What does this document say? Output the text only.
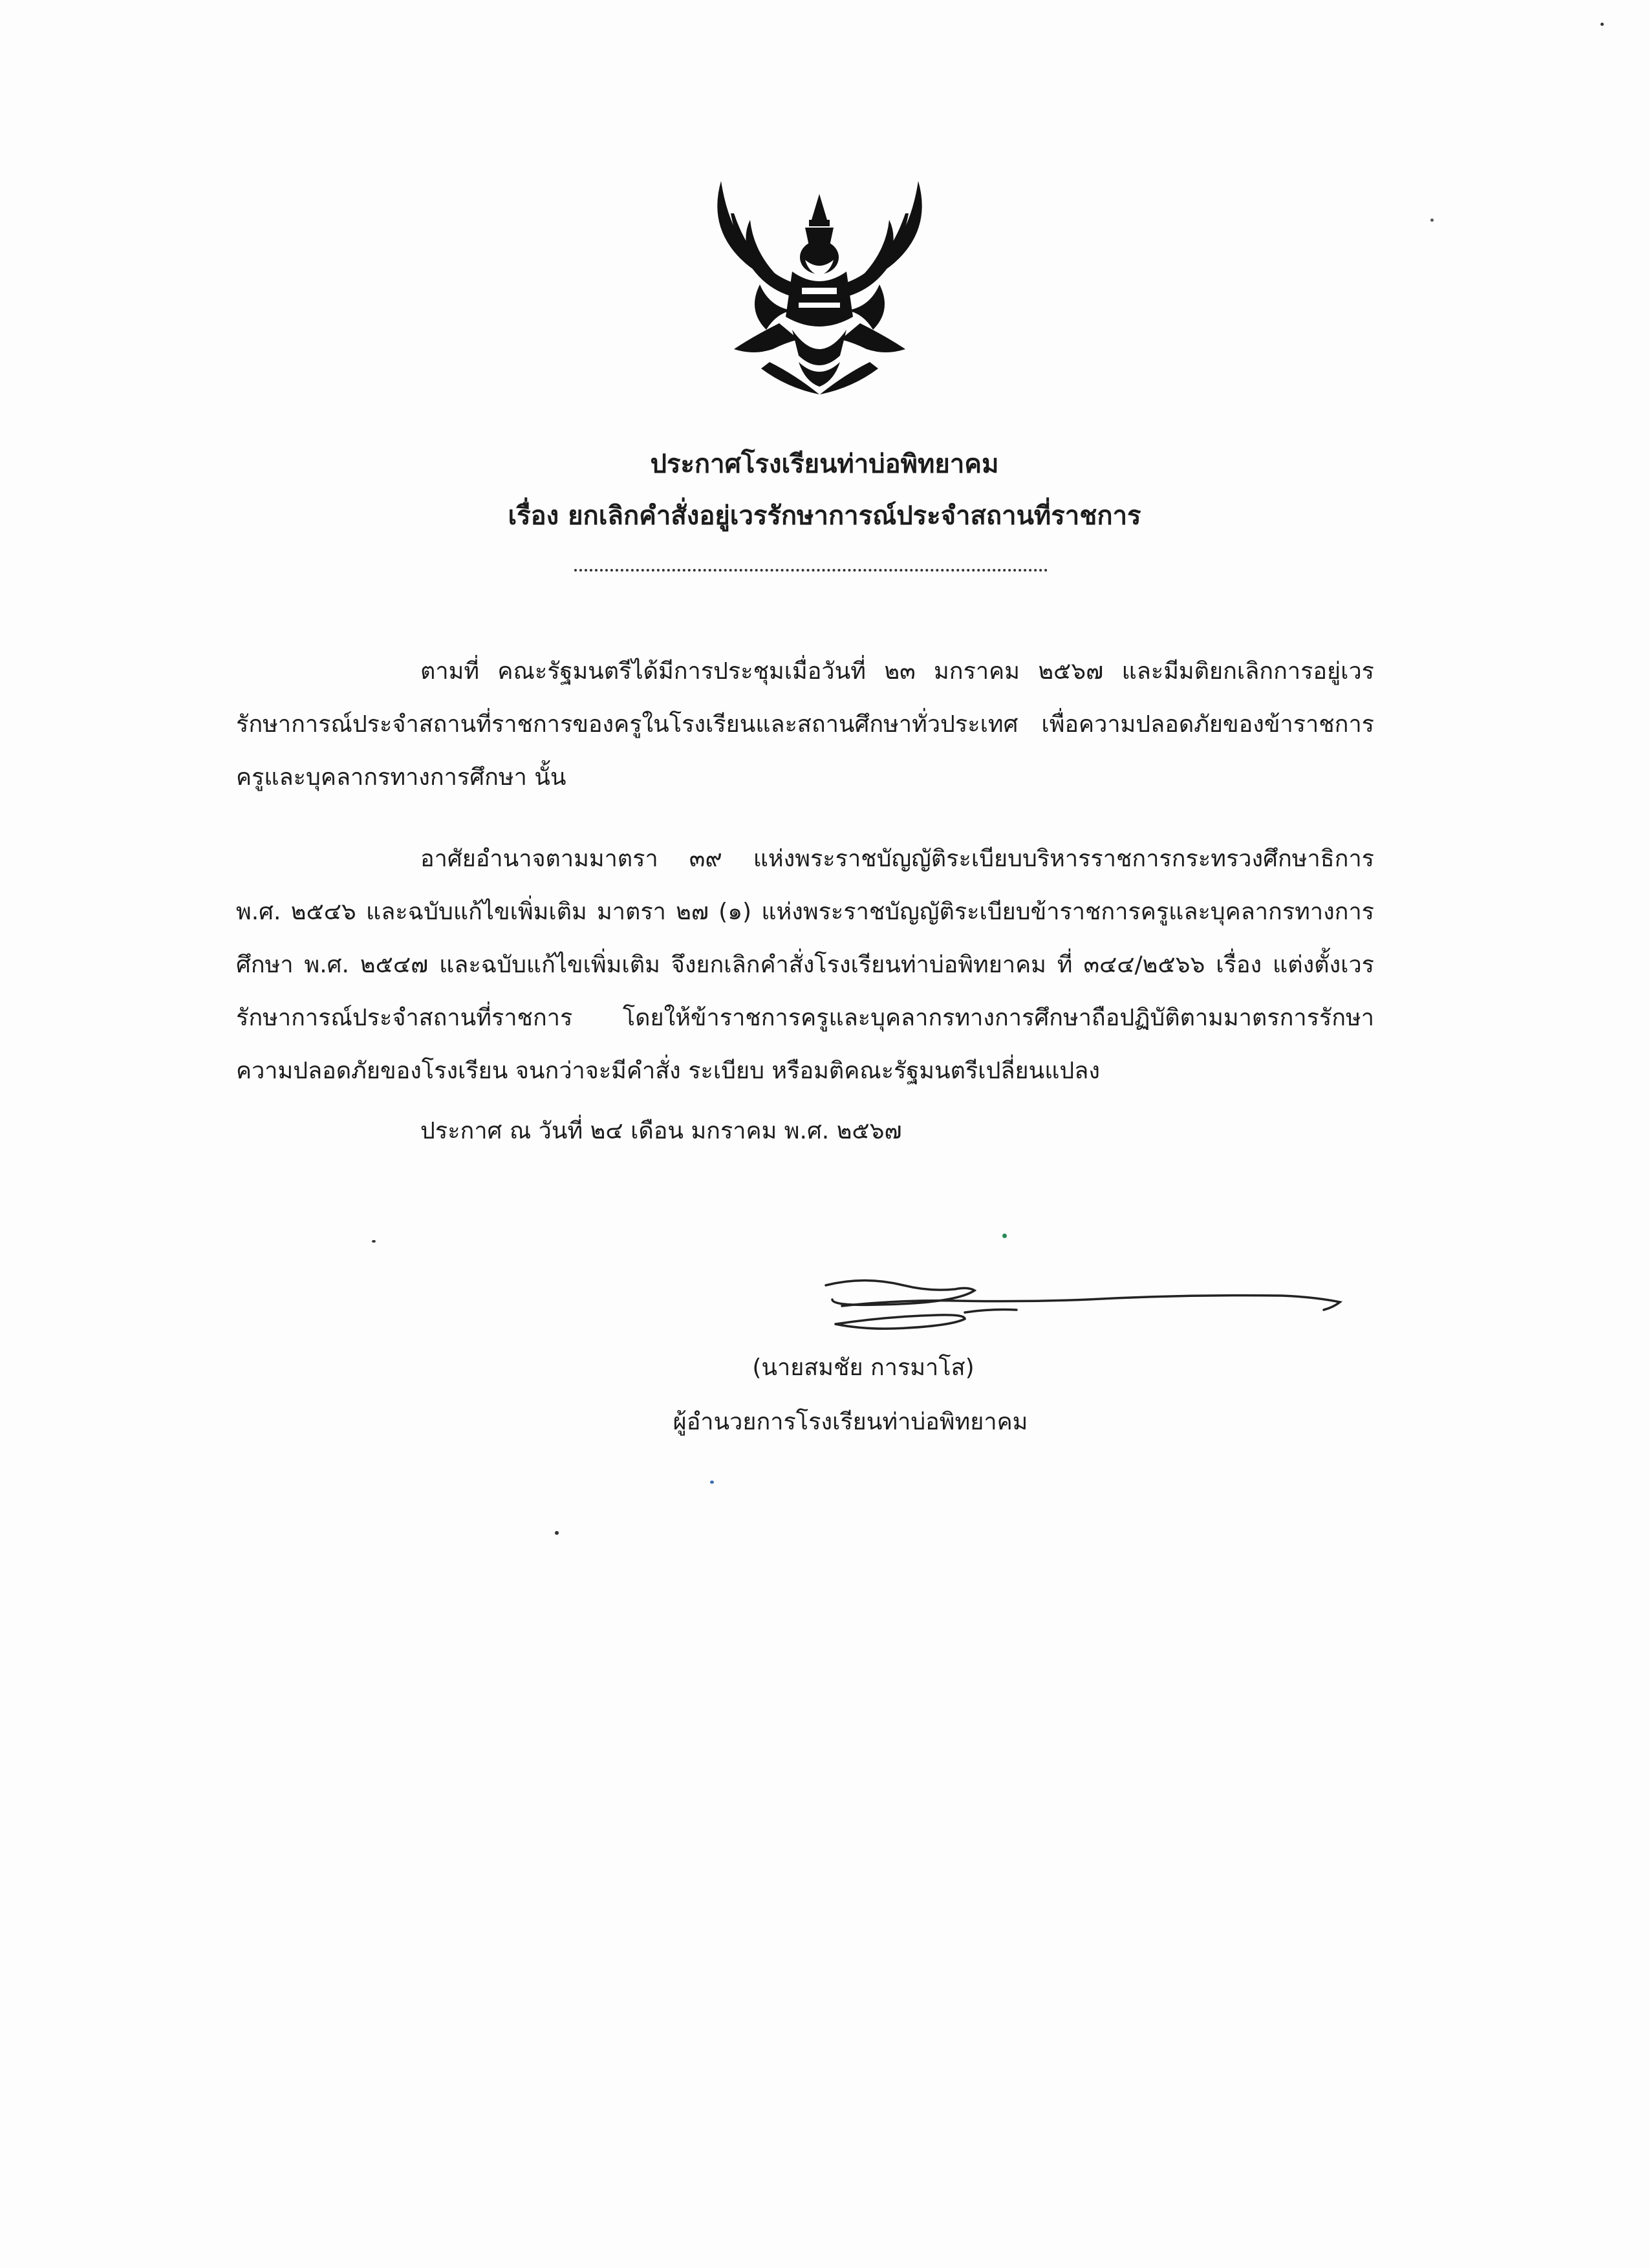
ประกาศโรงเรียนท่าบ่อพิทยาคม
เรื่อง ยกเลิกคำสั่งอยู่เวรรักษาการณ์ประจำสถานที่ราชการ

ตามที่ คณะรัฐมนตรีได้มีการประชุมเมื่อวันที่ ๒๓ มกราคม ๒๕๖๗ และมีมติยกเลิกการอยู่เวรรักษาการณ์ประจำสถานที่ราชการของครูในโรงเรียนและสถานศึกษาทั่วประเทศ เพื่อความปลอดภัยของข้าราชการครูและบุคลากรทางการศึกษา นั้น

อาศัยอำนาจตามมาตรา ๓๙ แห่งพระราชบัญญัติระเบียบบริหารราชการกระทรวงศึกษาธิการ พ.ศ. ๒๕๔๖ และฉบับแก้ไขเพิ่มเติม มาตรา ๒๗ (๑) แห่งพระราชบัญญัติระเบียบข้าราชการครูและบุคลากรทางการศึกษา พ.ศ. ๒๕๔๗ และฉบับแก้ไขเพิ่มเติม จึงยกเลิกคำสั่งโรงเรียนท่าบ่อพิทยาคม ที่ ๓๔๔/๒๕๖๖ เรื่อง แต่งตั้งเวรรักษาการณ์ประจำสถานที่ราชการ โดยให้ข้าราชการครูและบุคลากรทางการศึกษาถือปฏิบัติตามมาตรการรักษาความปลอดภัยของโรงเรียน จนกว่าจะมีคำสั่ง ระเบียบ หรือมติคณะรัฐมนตรีเปลี่ยนแปลง

ประกาศ ณ วันที่ ๒๔ เดือน มกราคม พ.ศ. ๒๕๖๗
(นายสมชัย การมาโส)
ผู้อำนวยการโรงเรียนท่าบ่อพิทยาคม
